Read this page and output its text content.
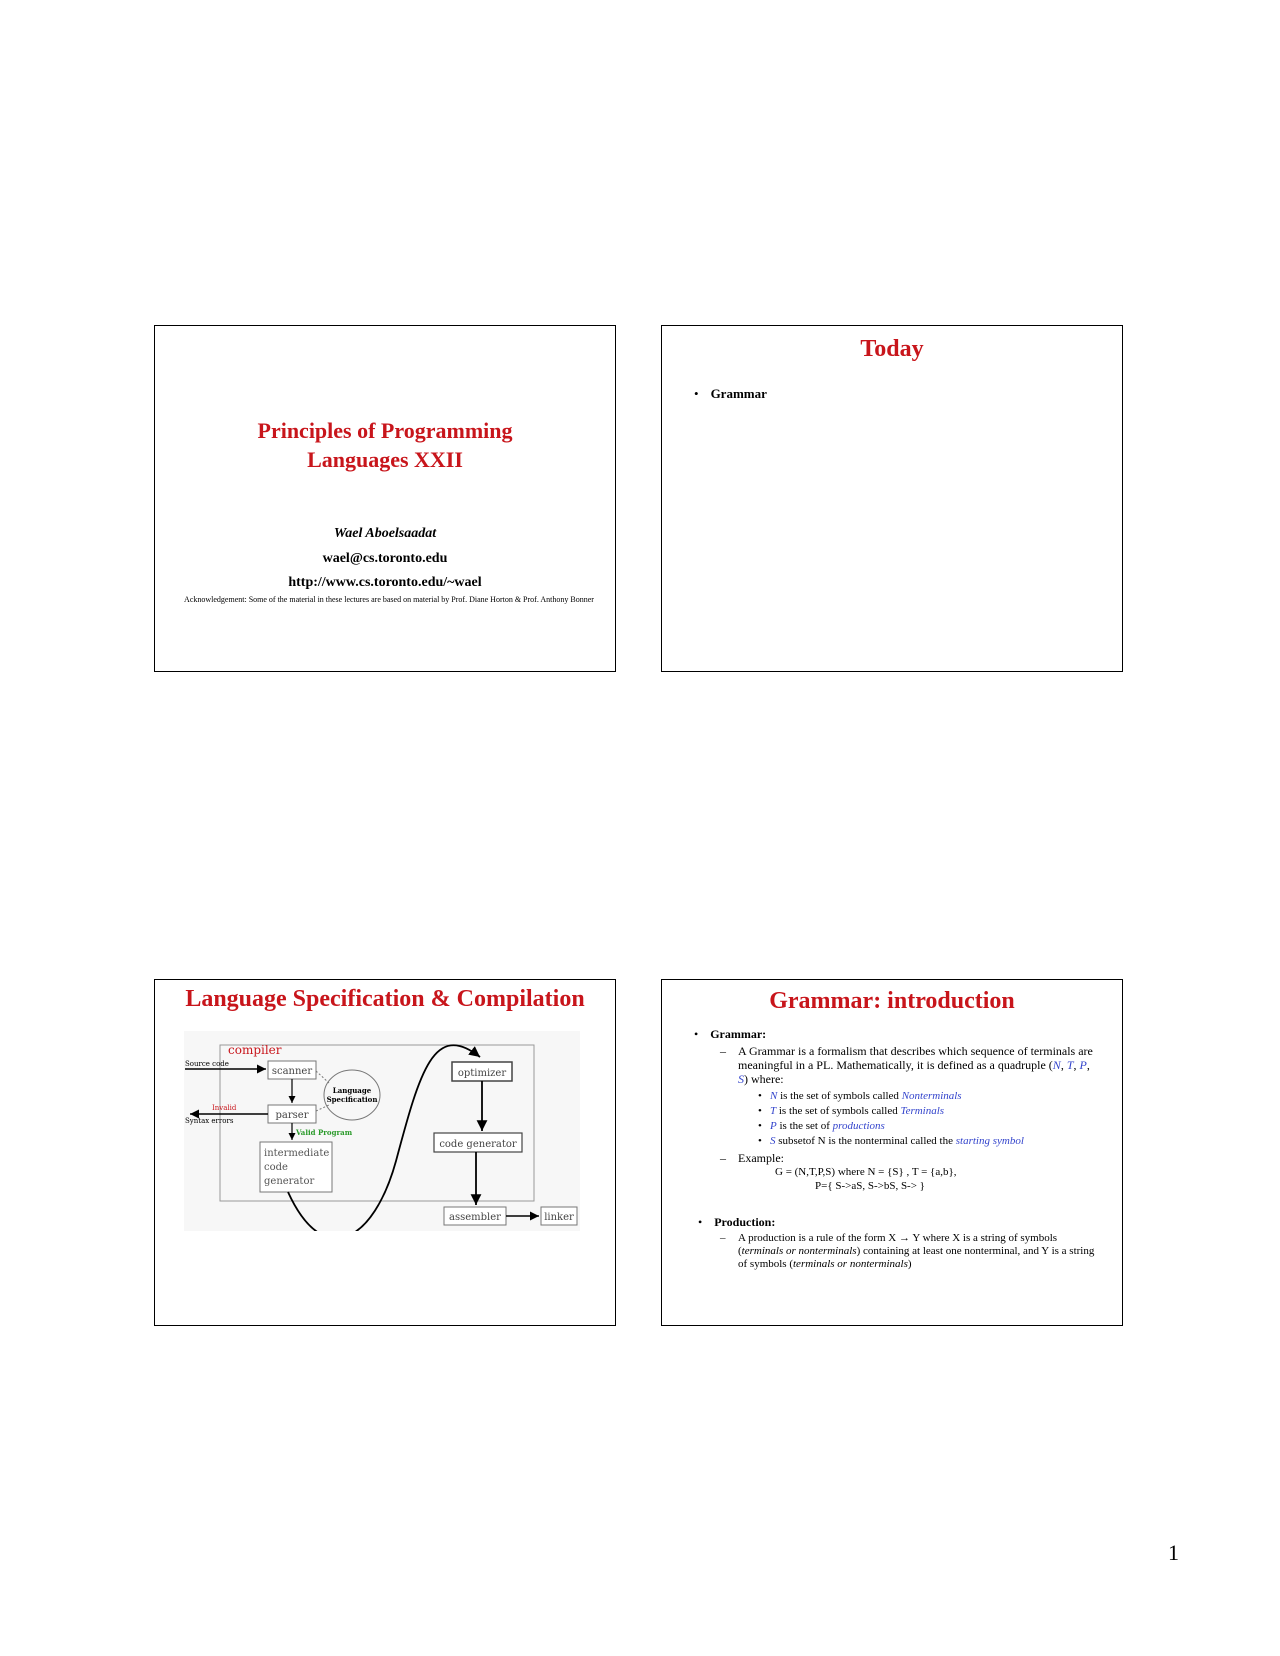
Principles of Programming
Languages XXII
Wael Aboelsaadat
wael@cs.toronto.edu
http://www.cs.toronto.edu/~wael
Acknowledgement: Some of the material in these lectures are based on material by Prof. Diane Horton & Prof. Anthony Bonner
Today
• Grammar
Language Specification & Compilation
compiler
Source code
scanner
Language
Specification
parser
Invalid
Syntax errors
Valid Program
intermediate
code
generator
optimizer
code generator
assembler	linker
Grammar: introduction
• Grammar:
– A Grammar is a formalism that describes which sequence of terminals are meaningful in a PL. Mathematically, it is defined as a quadruple (N, T, P, S) where:
• N is the set of symbols called Nonterminals
• T is the set of symbols called Terminals
• P is the set of productions
• S subsetof N is the nonterminal called the starting symbol
– Example:
G = (N,T,P,S) where N = {S} , T = {a,b},
P={ S->aS, S->bS, S-> }
• Production:
– A production is a rule of the form X → Y where X is a string of symbols (terminals or nonterminals) containing at least one nonterminal, and Y is a string of symbols (terminals or nonterminals)
1
